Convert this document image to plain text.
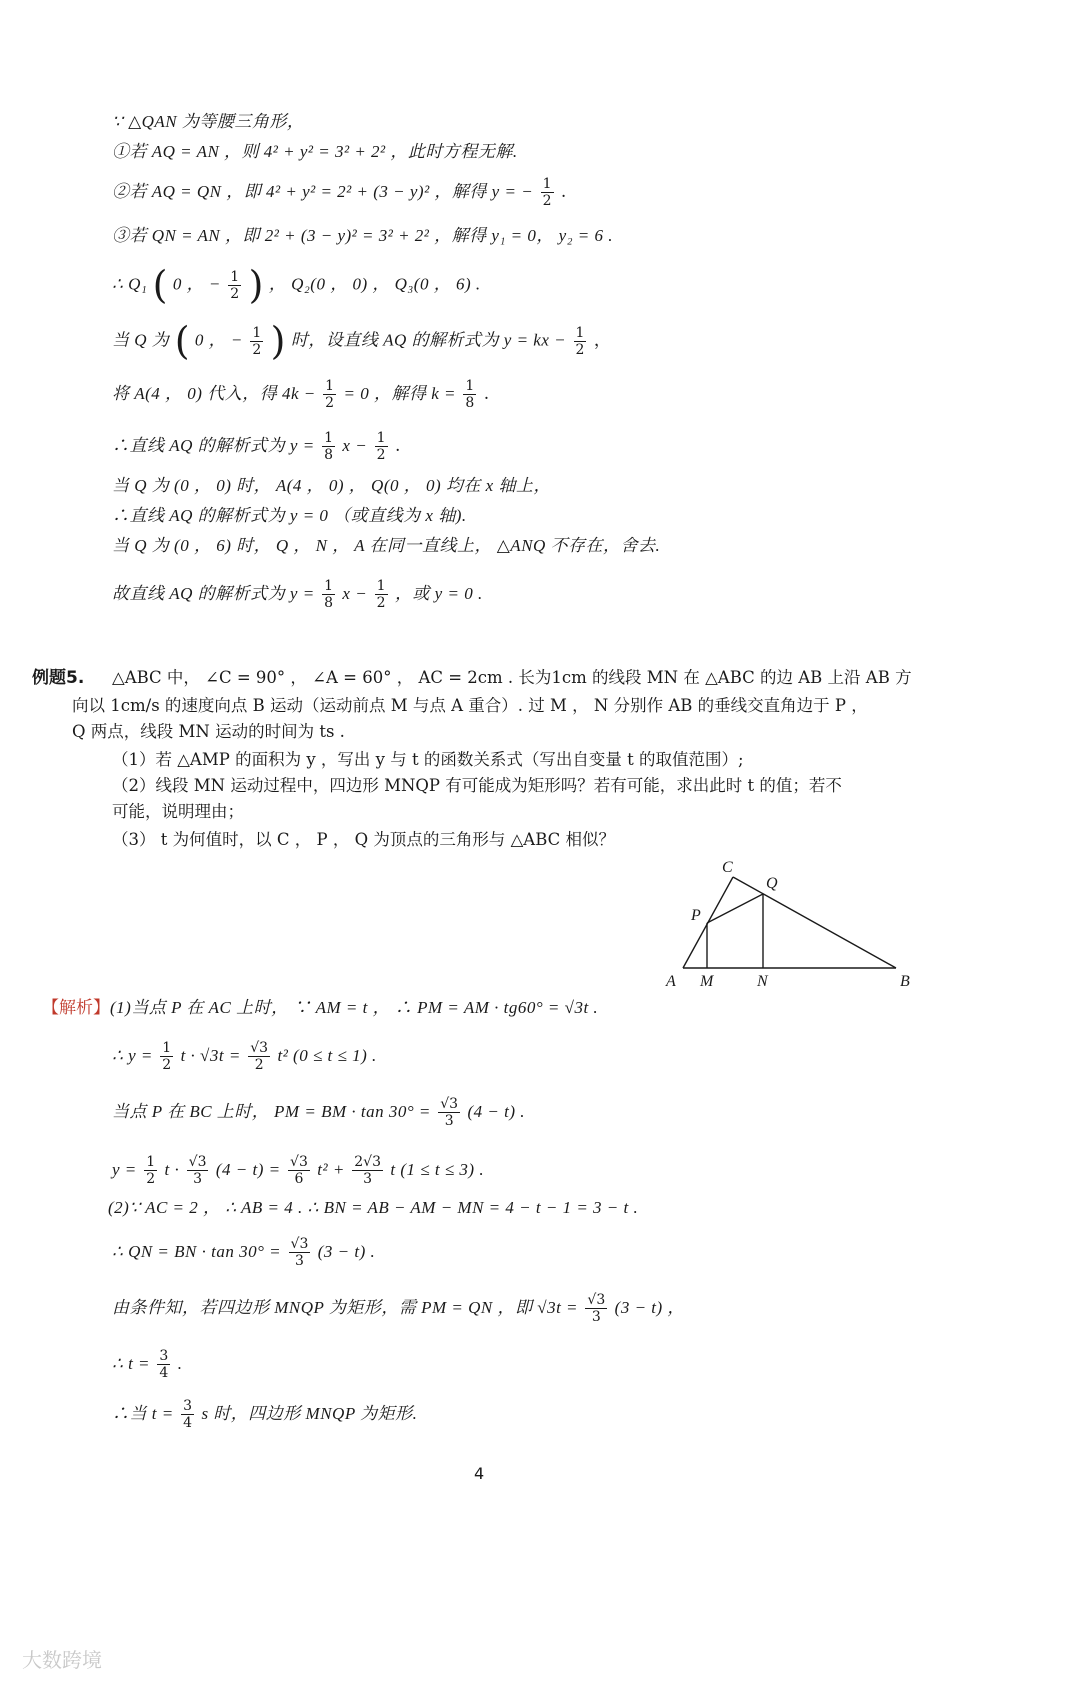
∵ △QAN 为等腰三角形，
①若 AQ = AN ，则 4² + y² = 3² + 2² ，此时方程无解.
②若 AQ = QN ，即 4² + y² = 2² + (3 − y)² ，解得 y = − $\frac{1}{2}$ .
③若 QN = AN ，即 2² + (3 − y)² = 3² + 2² ，解得 y₁ = 0， y₂ = 6 .
∴ Q₁ ( 0 ， − $\frac{1}{2}$ ) ， Q₂(0 ， 0) ， Q₃(0 ， 6) .
当 Q 为 ( 0 ， − $\frac{1}{2}$ ) 时，设直线 AQ 的解析式为 y = kx − $\frac{1}{2}$ ，
将 A(4 ， 0) 代入，得 $4k - \frac{1}{2} = 0$ ，解得 $k = \frac{1}{8}$ .
∴直线 AQ 的解析式为 $y = \frac{1}{8}$ $x - \frac{1}{2}$ .
当 Q 为 (0 ， 0) 时， A(4 ， 0) ， Q(0 ， 0) 均在 x 轴上，
∴直线 AQ 的解析式为 y = 0 （或直线为 x 轴).
当 Q 为 (0 ， 6) 时， Q ， N ， A 在同一直线上， △ANQ 不存在，舍去.
故直线 AQ 的解析式为 $y = \frac{1}{8}$ $x - \frac{1}{2}$ ，或 y = 0 .
例题5. △ABC 中， ∠C = 90° ， ∠A = 60° ， AC = 2cm . 长为1cm 的线段 MN 在 △ABC 的边 AB 上沿 AB 方
向以 1cm/s 的速度向点 B 运动（运动前点 M 与点 A 重合）. 过 M ， N 分别作 AB 的垂线交直角边于 P ，
Q 两点，线段 MN 运动的时间为 ts .
（1）若 △AMP 的面积为 y ，写出 y 与 t 的函数关系式（写出自变量 t 的取值范围）;
（2）线段 MN 运动过程中，四边形 MNQP 有可能成为矩形吗？若有可能，求出此时 t 的值；若不
可能，说明理由；
（3） t 为何值时，以 C ， P ， Q 为顶点的三角形与 △ABC 相似？
C
Q
P
A M	N	B
【解析】(1)当点 P 在 AC 上时， ∵ AM = t ， ∴ PM = AM · tg60° = √3t .
∴ $y = \frac{1}{2}$ $t \cdot √3t = \frac{√3}{2} t^2$ (0 ≤ t ≤ 1) .
当点 P 在 BC 上时， PM = BM · $\tan 30^\circ = \frac{√3}{3} (4 - t)$ .
$y = \frac{1}{2}$ $t \cdot \frac{√3}{3} (4 - t) = \frac{√3}{6} t^2 + \frac{2√3}{3}$ t (1 ≤ t ≤ 3) .
(2)∵ AC = 2 ， ∴ AB = 4 . ∴ BN = AB − AM − MN = 4 − t − 1 = 3 − t .
∴ QN = BN · $\tan 30^\circ = \frac{√3}{3} (3 - t)$ .
由条件知，若四边形 MNQP 为矩形，需 PM = QN ，即 $√3t = \frac{√3}{3} (3 - t)$ ，
∴ $t = \frac{3}{4}$ .
∴当 $t = \frac{3}{4}$ s 时，四边形 MNQP 为矩形.
4
大数跨境
